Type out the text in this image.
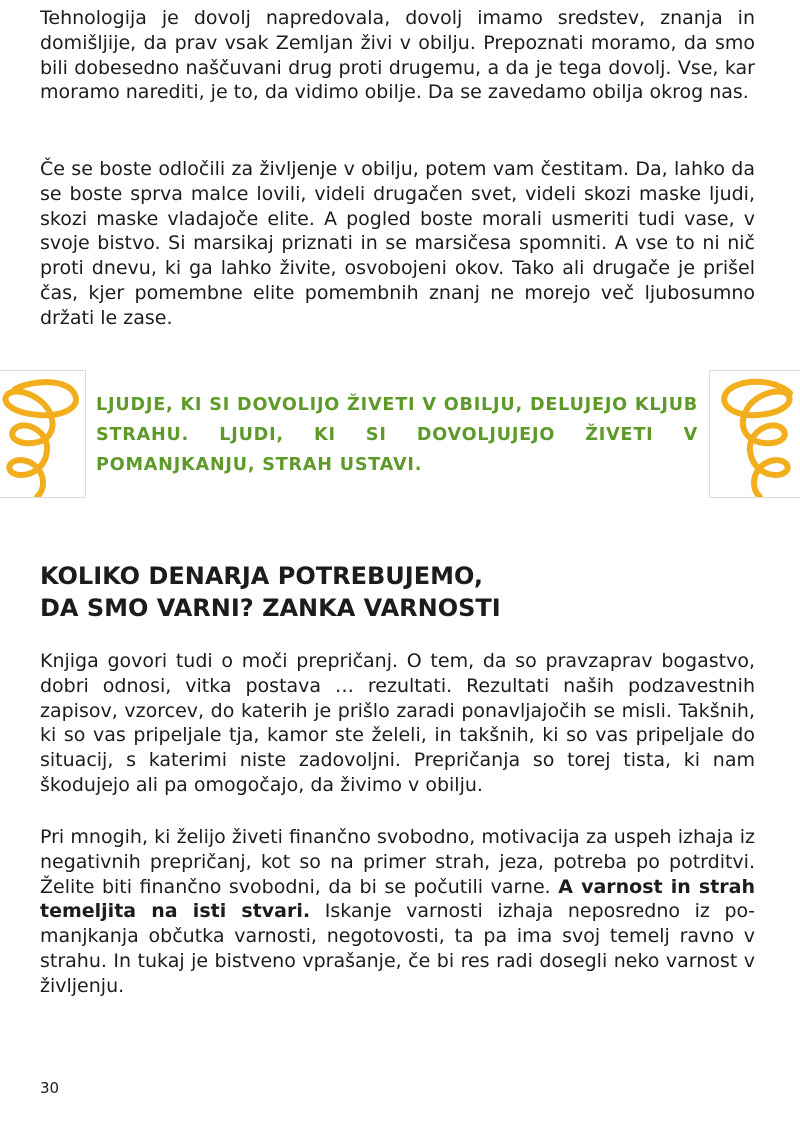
Tehnologija je dovolj napredovala, dovolj imamo sredstev, znanja in domišljije, da prav vsak Zemljan živi v obilju. Prepoznati moramo, da smo bili dobesedno naščuvani drug proti drugemu, a da je tega dovolj. Vse, kar moramo narediti, je to, da vidimo obilje. Da se zavedamo obilja okrog nas.

Če se boste odločili za življenje v obilju, potem vam čestitam. Da, lahko da se boste sprva malce lovili, videli drugačen svet, videli skozi maske ljudi, skozi maske vladajoče elite. A pogled boste morali usmeriti tudi vase, v svoje bistvo. Si marsikaj priznati in se marsičesa spomniti. A vse to ni nič proti dnevu, ki ga lahko živite, osvobojeni okov. Tako ali drugače je prišel čas, kjer pomembne elite pomembnih znanj ne morejo več ljubosumno držati le zase.

LJUDJE, KI SI DOVOLIJO ŽIVETI V OBILJU, DELUJEJO KLJUB STRAHU. LJUDI, KI SI DOVOLJUJEJO ŽIVETI V POMANJKANJU, STRAH USTAVI.

KOLIKO DENARJA POTREBUJEMO,
DA SMO VARNI? ZANKA VARNOSTI

Knjiga govori tudi o moči prepričanj. O tem, da so pravzaprav bogastvo, dobri odnosi, vitka postava … rezultati. Rezultati naših podzavestnih zapisov, vzorcev, do katerih je prišlo zaradi ponavljajočih se misli. Takšnih, ki so vas pripeljale tja, kamor ste želeli, in takšnih, ki so vas pripeljale do situacij, s katerimi niste zadovoljni. Prepričanja so torej tista, ki nam škodujejo ali pa omogočajo, da živimo v obilju.

Pri mnogih, ki želijo živeti finančno svobodno, motivacija za uspeh izhaja iz negativnih prepričanj, kot so na primer strah, jeza, potreba po potrditvi. Želite biti finančno svobodni, da bi se počutili varne. A varnost in strah temeljita na isti stvari. Iskanje varnosti izhaja neposredno iz pomanjkanja občutka varnosti, negotovosti, ta pa ima svoj temelj ravno v strahu. In tukaj je bistveno vprašanje, če bi res radi dosegli neko varnost v življenju.

30
